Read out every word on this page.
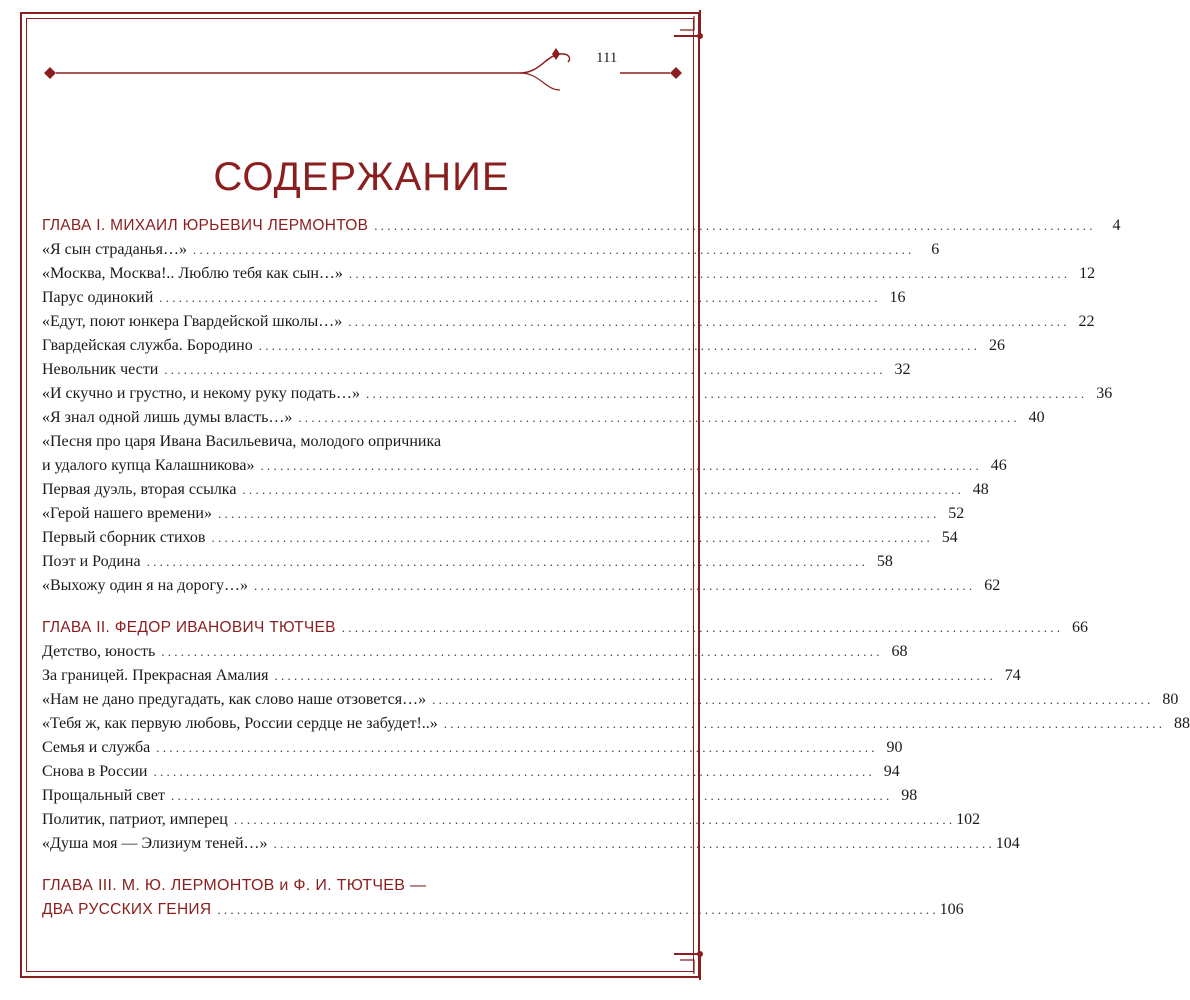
111
СОДЕРЖАНИЕ
ГЛАВА I. МИХАИЛ ЮРЬЕВИЧ ЛЕРМОНТОВ . . .	4
«Я сын страданья…» . . .	6
«Москва, Москва!.. Люблю тебя как сын…» . . .	12
Парус одинокий . . .	16
«Едут, поют юнкера Гвардейской школы…» . . .	22
Гвардейская служба. Бородино . . .	26
Невольник чести . . .	32
«И скучно и грустно, и некому руку подать…» . . .	36
«Я знал одной лишь думы власть…» . . .	40
«Песня про царя Ивана Васильевича, молодого опричника
и удалого купца Калашникова» . . .	46
Первая дуэль, вторая ссылка . . .	48
«Герой нашего времени» . . .	52
Первый сборник стихов . . .	54
Поэт и Родина . . .	58
«Выхожу один я на дорогу…» . . .	62
ГЛАВА II. ФЕДОР ИВАНОВИЧ ТЮТЧЕВ . . .	66
Детство, юность . . .	68
За границей. Прекрасная Амалия . . .	74
«Нам не дано предугадать, как слово наше отзовется…» . . .	80
«Тебя ж, как первую любовь, России сердце не забудет!..» . . .	88
Семья и служба . . .	90
Снова в России . . .	94
Прощальный свет . . .	98
Политик, патриот, имперец . . .	102
«Душа моя — Элизиум теней…» . . .	104
ГЛАВА III. М. Ю. ЛЕРМОНТОВ и Ф. И. ТЮТЧЕВ —
ДВА РУССКИХ ГЕНИЯ . . .	106
